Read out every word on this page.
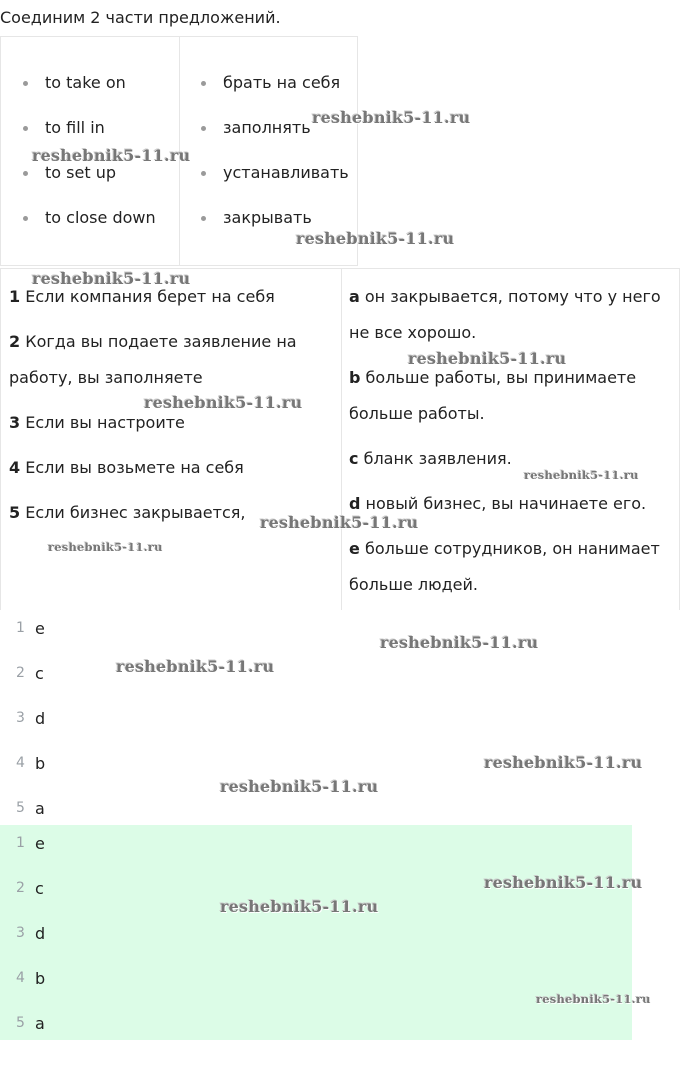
Соединим 2 части предложений.
to take on
to fill in
to set up
to close down
брать на себя
заполнять
устанавливать
закрывать

1 Если компания берет на себя

2 Когда вы подаете заявление на работу, вы заполняете

3 Если вы настроите

4 Если вы возьмете на себя

5 Если бизнес закрывается,

a он закрывается, потому что у него не все хорошо.

b больше работы, вы принимаете больше работы.

c бланк заявления.

d новый бизнес, вы начинаете его.

e больше сотрудников, он нанимает больше людей.

1 e
2 c
3 d
4 b
5 a
1 e
2 c
3 d
4 b
5 a
reshebnik5-11.ru
reshebnik5-11.ru
reshebnik5-11.ru
reshebnik5-11.ru
reshebnik5-11.ru
reshebnik5-11.ru
reshebnik5-11.ru
reshebnik5-11.ru
reshebnik5-11.ru
reshebnik5-11.ru
reshebnik5-11.ru
reshebnik5-11.ru
reshebnik5-11.ru
reshebnik5-11.ru
reshebnik5-11.ru
reshebnik5-11.ru
